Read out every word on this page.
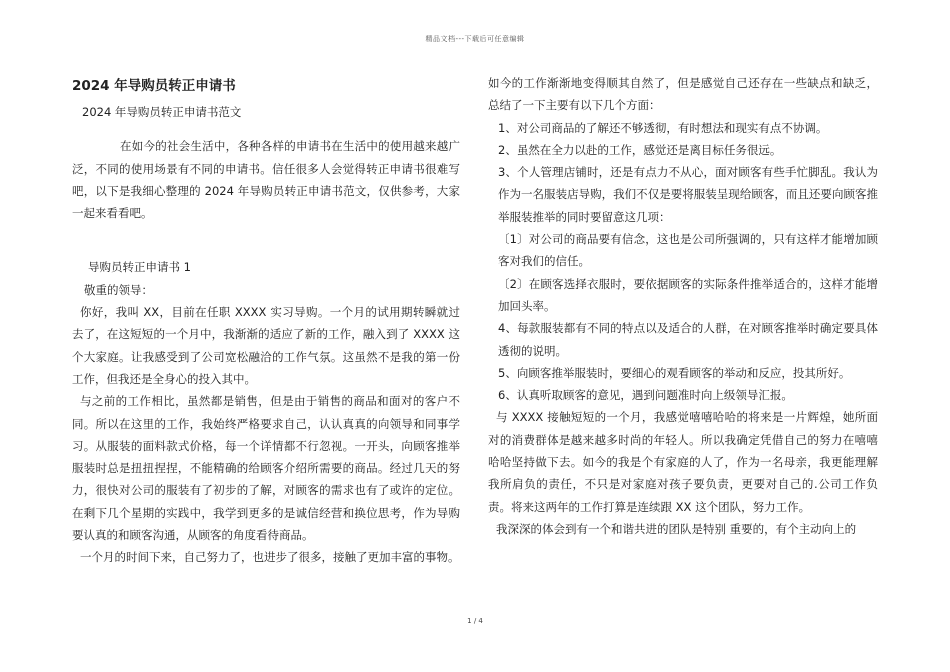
精品文档---下载后可任意编辑

2024 年导购员转正申请书

2024 年导购员转正申请书范文

在如今的社会生活中，各种各样的申请书在生活中的使用越来越广泛，不同的使用场景有不同的申请书。信任很多人会觉得转正申请书很难写吧，以下是我细心整理的 2024 年导购员转正申请书范文，仅供参考，大家一起来看看吧。

导购员转正申请书 1

敬重的领导：

你好，我叫 XX，目前在任职 XXXX 实习导购。一个月的试用期转瞬就过去了，在这短短的一个月中，我渐渐的适应了新的工作，融入到了 XXXX 这个大家庭。让我感受到了公司宽松融洽的工作气氛。这虽然不是我的第一份工作，但我还是全身心的投入其中。

与之前的工作相比，虽然都是销售，但是由于销售的商品和面对的客户不同。所以在这里的工作，我始终严格要求自己，认认真真的向领导和同事学习。从服装的面料款式价格，每一个详情都不行忽视。一开头，向顾客推举服装时总是扭扭捏捏，不能精确的给顾客介绍所需要的商品。经过几天的努力，很快对公司的服装有了初步的了解，对顾客的需求也有了或许的定位。在剩下几个星期的实践中，我学到更多的是诚信经营和换位思考，作为导购要认真的和顾客沟通，从顾客的角度看待商品。

一个月的时间下来，自己努力了，也进步了很多，接触了更加丰富的事物。

如今的工作渐渐地变得顺其自然了，但是感觉自己还存在一些缺点和缺乏，总结了一下主要有以下几个方面：

1、对公司商品的了解还不够透彻，有时想法和现实有点不协调。

2、虽然在全力以赴的工作，感觉还是离目标任务很远。

3、个人管理店铺时，还是有点力不从心，面对顾客有些手忙脚乱。我认为作为一名服装店导购，我们不仅是要将服装呈现给顾客，而且还要向顾客推举服装推举的同时要留意这几项：

〔1〕对公司的商品要有信念，这也是公司所强调的，只有这样才能增加顾客对我们的信任。

〔2〕在顾客选择衣服时，要依据顾客的实际条件推举适合的，这样才能增加回头率。

4、每款服装都有不同的特点以及适合的人群，在对顾客推举时确定要具体透彻的说明。

5、向顾客推举服装时，要细心的观看顾客的举动和反应，投其所好。

6、认真听取顾客的意见，遇到问题准时向上级领导汇报。

与 XXXX 接触短短的一个月，我感觉嘻嘻哈哈的将来是一片辉煌，她所面对的消费群体是越来越多时尚的年轻人。所以我确定凭借自己的努力在嘻嘻哈哈坚持做下去。如今的我是个有家庭的人了，作为一名母亲，我更能理解我所肩负的责任，不只是对家庭对孩子要负责，更要对自己的.公司工作负责。将来这两年的工作打算是连续跟 XX 这个团队，努力工作。

我深深的体会到有一个和谐共进的团队是特别 重要的，有个主动向上的

1 / 4
